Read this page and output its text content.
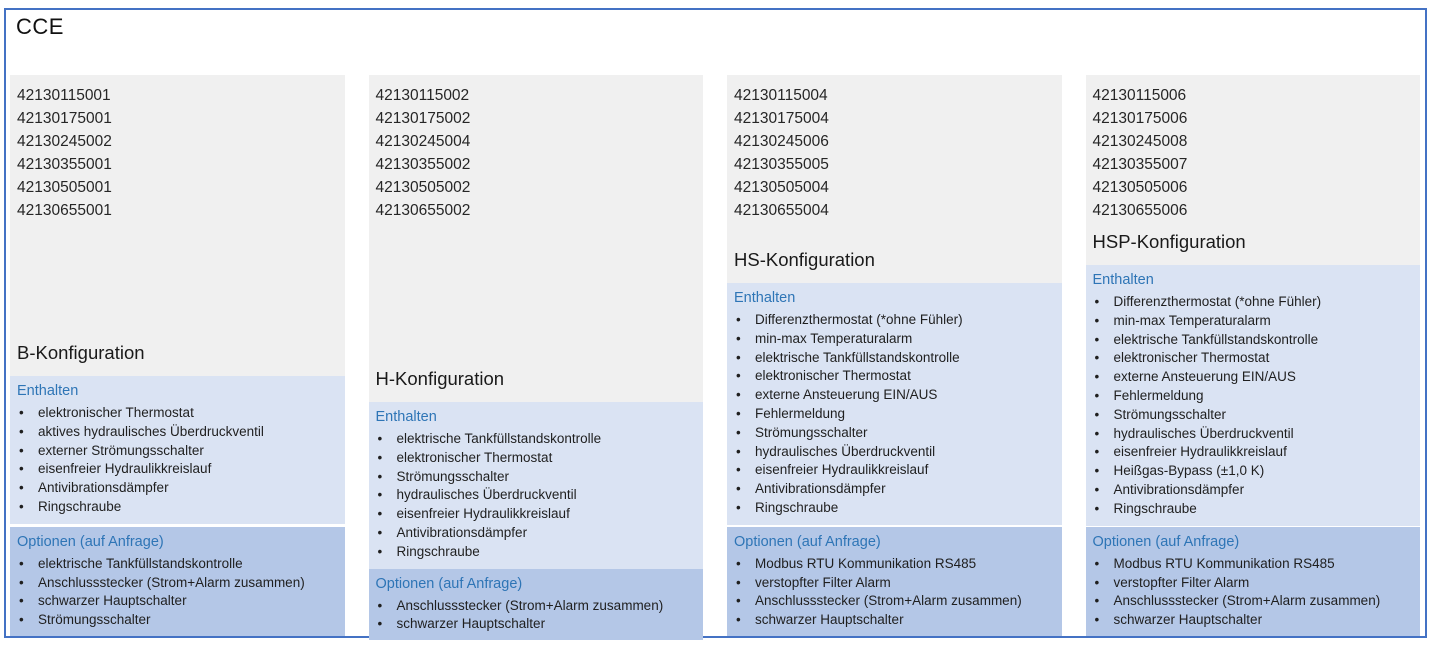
CCE
42130115001
42130175001
42130245002
42130355001
42130505001
42130655001
B-Konfiguration
Enthalten
• elektronischer Thermostat
• aktives hydraulisches Überdruckventil
• externer Strömungsschalter
• eisenfreier Hydraulikkreislauf
• Antivibrationsdämpfer
• Ringschraube
Optionen (auf Anfrage)
• elektrische Tankfüllstandskontrolle
• Anschlussstecker (Strom+Alarm zusammen)
• schwarzer Hauptschalter
• Strömungsschalter
42130115002
42130175002
42130245004
42130355002
42130505002
42130655002
H-Konfiguration
Enthalten
• elektrische Tankfüllstandskontrolle
• elektronischer Thermostat
• Strömungsschalter
• hydraulisches Überdruckventil
• eisenfreier Hydraulikkreislauf
• Antivibrationsdämpfer
• Ringschraube
Optionen (auf Anfrage)
• Anschlussstecker (Strom+Alarm zusammen)
• schwarzer Hauptschalter
42130115004
42130175004
42130245006
42130355005
42130505004
42130655004
HS-Konfiguration
Enthalten
• Differenzthermostat (*ohne Fühler)
• min-max Temperaturalarm
• elektrische Tankfüllstandskontrolle
• elektronischer Thermostat
• externe Ansteuerung EIN/AUS
• Fehlermeldung
• Strömungsschalter
• hydraulisches Überdruckventil
• eisenfreier Hydraulikkreislauf
• Antivibrationsdämpfer
• Ringschraube
Optionen (auf Anfrage)
• Modbus RTU Kommunikation RS485
• verstopfter Filter Alarm
• Anschlussstecker (Strom+Alarm zusammen)
• schwarzer Hauptschalter
42130115006
42130175006
42130245008
42130355007
42130505006
42130655006
HSP-Konfiguration
Enthalten
• Differenzthermostat (*ohne Fühler)
• min-max Temperaturalarm
• elektrische Tankfüllstandskontrolle
• elektronischer Thermostat
• externe Ansteuerung EIN/AUS
• Fehlermeldung
• Strömungsschalter
• hydraulisches Überdruckventil
• eisenfreier Hydraulikkreislauf
• Heißgas-Bypass (±1,0 K)
• Antivibrationsdämpfer
• Ringschraube
Optionen (auf Anfrage)
• Modbus RTU Kommunikation RS485
• verstopfter Filter Alarm
• Anschlussstecker (Strom+Alarm zusammen)
• schwarzer Hauptschalter
